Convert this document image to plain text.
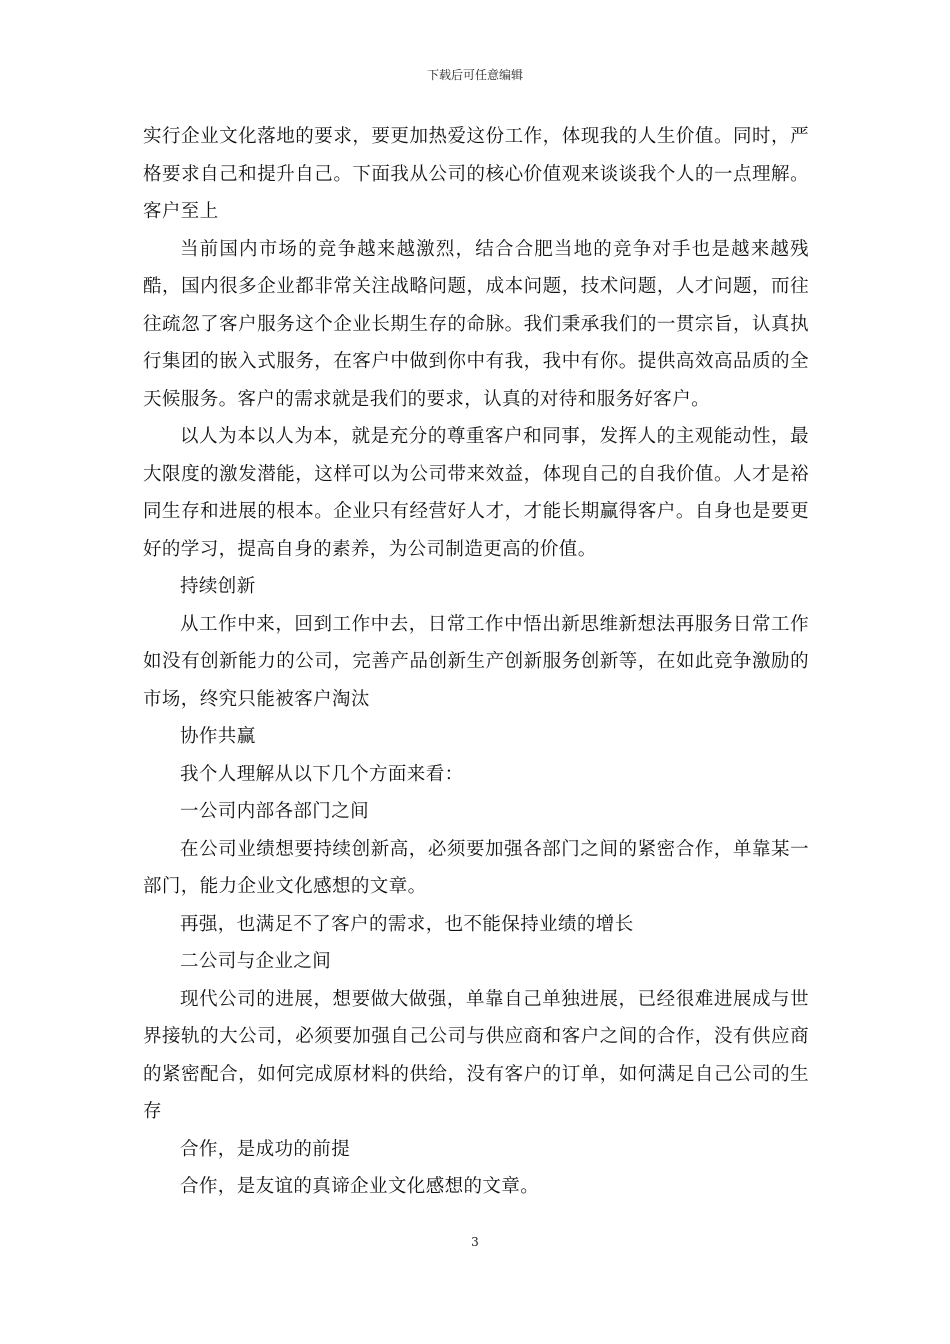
下载后可任意编辑

实行企业文化落地的要求，要更加热爱这份工作，体现我的人生价值。同时，严格要求自己和提升自己。下面我从公司的核心价值观来谈谈我个人的一点理解。客户至上

当前国内市场的竞争越来越激烈，结合合肥当地的竞争对手也是越来越残酷，国内很多企业都非常关注战略问题，成本问题，技术问题，人才问题，而往往疏忽了客户服务这个企业长期生存的命脉。我们秉承我们的一贯宗旨，认真执行集团的嵌入式服务，在客户中做到你中有我，我中有你。提供高效高品质的全天候服务。客户的需求就是我们的要求，认真的对待和服务好客户。

以人为本以人为本，就是充分的尊重客户和同事，发挥人的主观能动性，最大限度的激发潜能，这样可以为公司带来效益，体现自己的自我价值。人才是裕同生存和进展的根本。企业只有经营好人才，才能长期赢得客户。自身也是要更好的学习，提高自身的素养，为公司制造更高的价值。

持续创新

从工作中来，回到工作中去，日常工作中悟出新思维新想法再服务日常工作如没有创新能力的公司，完善产品创新生产创新服务创新等，在如此竞争激励的市场，终究只能被客户淘汰

协作共赢

我个人理解从以下几个方面来看：

一公司内部各部门之间

在公司业绩想要持续创新高，必须要加强各部门之间的紧密合作，单靠某一部门，能力企业文化感想的文章。

再强，也满足不了客户的需求，也不能保持业绩的增长

二公司与企业之间

现代公司的进展，想要做大做强，单靠自己单独进展，已经很难进展成与世界接轨的大公司，必须要加强自己公司与供应商和客户之间的合作，没有供应商的紧密配合，如何完成原材料的供给，没有客户的订单，如何满足自己公司的生存

合作，是成功的前提

合作，是友谊的真谛企业文化感想的文章。

3
